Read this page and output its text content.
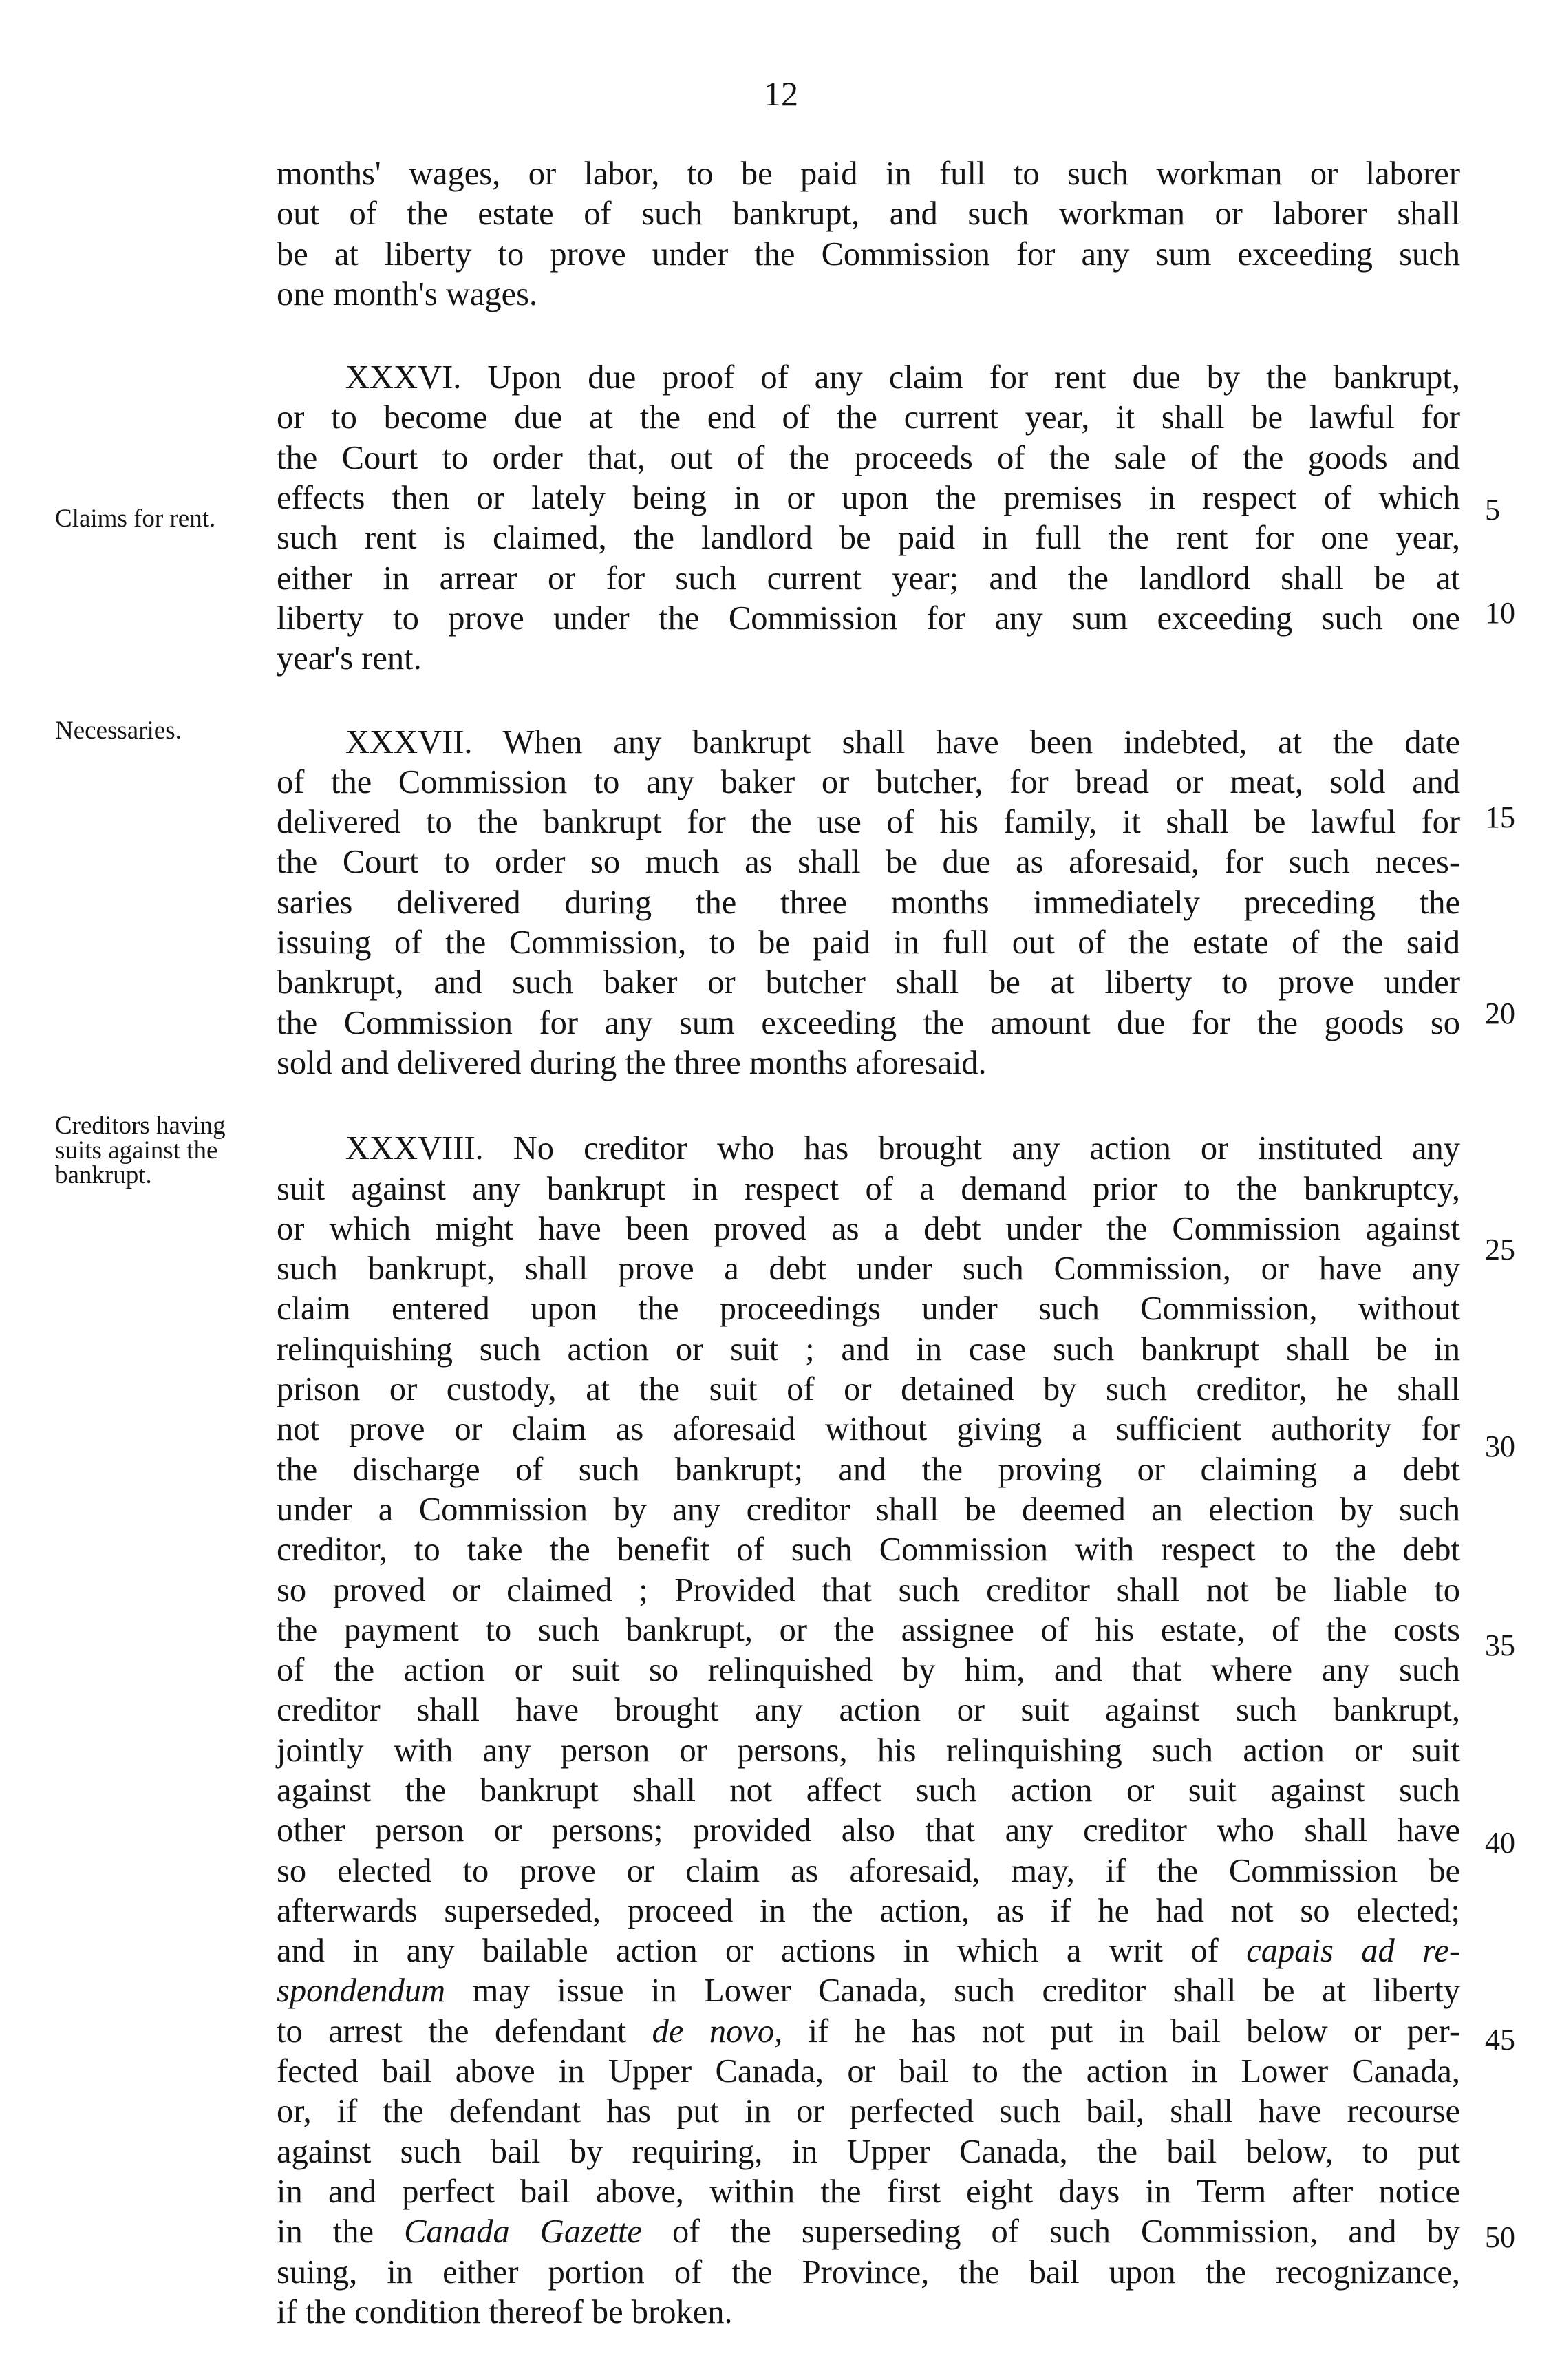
12
Claims for rent.
Necessaries.
Creditors having suits against the bankrupt.
5
10
15
20
25
30
35
40
45
50
months' wages, or labor, to be paid in full to such workman or laborer
out of the estate of such bankrupt, and such workman or laborer shall
be at liberty to prove under the Commission for any sum exceeding such
one month's wages.
XXXVI. Upon due proof of any claim for rent due by the bankrupt,
or to become due at the end of the current year, it shall be lawful for
the Court to order that, out of the proceeds of the sale of the goods and
effects then or lately being in or upon the premises in respect of which
such rent is claimed, the landlord be paid in full the rent for one year,
either in arrear or for such current year; and the landlord shall be at
liberty to prove under the Commission for any sum exceeding such one
year's rent.
XXXVII. When any bankrupt shall have been indebted, at the date
of the Commission to any baker or butcher, for bread or meat, sold and
delivered to the bankrupt for the use of his family, it shall be lawful for
the Court to order so much as shall be due as aforesaid, for such neces-
saries delivered during the three months immediately preceding the
issuing of the Commission, to be paid in full out of the estate of the said
bankrupt, and such baker or butcher shall be at liberty to prove under
the Commission for any sum exceeding the amount due for the goods so
sold and delivered during the three months aforesaid.
XXXVIII. No creditor who has brought any action or instituted any
suit against any bankrupt in respect of a demand prior to the bankruptcy,
or which might have been proved as a debt under the Commission against
such bankrupt, shall prove a debt under such Commission, or have any
claim entered upon the proceedings under such Commission, without
relinquishing such action or suit ; and in case such bankrupt shall be in
prison or custody, at the suit of or detained by such creditor, he shall
not prove or claim as aforesaid without giving a sufficient authority for
the discharge of such bankrupt; and the proving or claiming a debt
under a Commission by any creditor shall be deemed an election by such
creditor, to take the benefit of such Commission with respect to the debt
so proved or claimed ; Provided that such creditor shall not be liable to
the payment to such bankrupt, or the assignee of his estate, of the costs
of the action or suit so relinquished by him, and that where any such
creditor shall have brought any action or suit against such bankrupt,
jointly with any person or persons, his relinquishing such action or suit
against the bankrupt shall not affect such action or suit against such
other person or persons; provided also that any creditor who shall have
so elected to prove or claim as aforesaid, may, if the Commission be
afterwards superseded, proceed in the action, as if he had not so elected;
and in any bailable action or actions in which a writ of capais ad re-
spondendum may issue in Lower Canada, such creditor shall be at liberty
to arrest the defendant de novo, if he has not put in bail below or per-
fected bail above in Upper Canada, or bail to the action in Lower Canada,
or, if the defendant has put in or perfected such bail, shall have recourse
against such bail by requiring, in Upper Canada, the bail below, to put
in and perfect bail above, within the first eight days in Term after notice
in the Canada Gazette of the superseding of such Commission, and by
suing, in either portion of the Province, the bail upon the recognizance,
if the condition thereof be broken.
